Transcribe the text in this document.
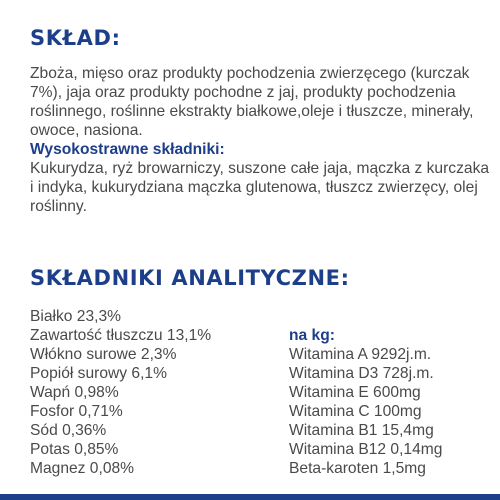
SKŁAD:

Zboża, mięso oraz produkty pochodzenia zwierzęcego (kurczak 7%), jaja oraz produkty pochodne z jaj, produkty pochodzenia roślinnego, roślinne ekstrakty białkowe,oleje i tłuszcze, minerały, owoce, nasiona.

Wysokostrawne składniki:

Kukurydza, ryż browarniczy, suszone całe jaja, mączka z kurczaka i indyka, kukurydziana mączka glutenowa, tłuszcz zwierzęcy, olej roślinny.

SKŁADNIKI ANALITYCZNE:
Białko 23,3%
Zawartość tłuszczu 13,1%
Włókno surowe 2,3%
Popiół surowy 6,1%
Wapń 0,98%
Fosfor 0,71%
Sód 0,36%
Potas 0,85%
Magnez 0,08%
na kg:
Witamina A 9292j.m.
Witamina D3 728j.m.
Witamina E 600mg
Witamina C 100mg
Witamina B1 15,4mg
Witamina B12 0,14mg
Beta-karoten 1,5mg
